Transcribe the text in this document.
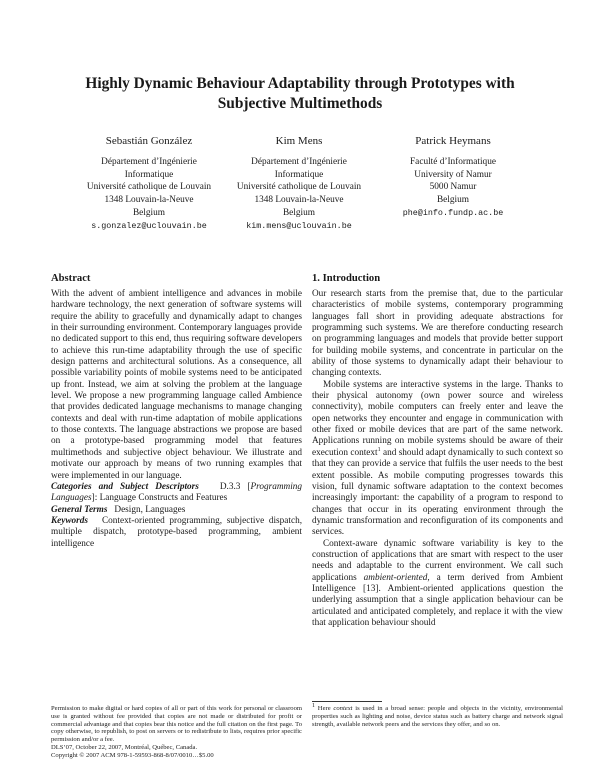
Highly Dynamic Behaviour Adaptability through Prototypes with
Subjective Multimethods
Sebastián González
Département d’Ingénierie
Informatique
Université catholique de Louvain
1348 Louvain-la-Neuve
Belgium
s.gonzalez@uclouvain.be
Kim Mens
Département d’Ingénierie
Informatique
Université catholique de Louvain
1348 Louvain-la-Neuve
Belgium
kim.mens@uclouvain.be
Patrick Heymans
Faculté d’Informatique
University of Namur
5000 Namur
Belgium
phe@info.fundp.ac.be
Abstract

With the advent of ambient intelligence and advances in mobile hardware technology, the next generation of software systems will require the ability to gracefully and dynamically adapt to changes in their surrounding environment. Contemporary languages provide no dedicated support to this end, thus requiring software developers to achieve this run-time adaptability through the use of specific design patterns and architectural solutions. As a consequence, all possible variability points of mobile systems need to be anticipated up front. Instead, we aim at solving the problem at the language level. We propose a new programming language called Ambience that provides dedicated language mechanisms to manage changing contexts and deal with run-time adaptation of mobile applications to those contexts. The language abstractions we propose are based on a prototype-based programming model that features multimethods and subjective object behaviour. We illustrate and motivate our approach by means of two running examples that were implemented in our language.

Categories and Subject Descriptors D.3.3 [Programming Languages]: Language Constructs and Features

General Terms Design, Languages

Keywords Context-oriented programming, subjective dispatch, multiple dispatch, prototype-based programming, ambient intelligence

Permission to make digital or hard copies of all or part of this work for personal or classroom use is granted without fee provided that copies are not made or distributed for profit or commercial advantage and that copies bear this notice and the full citation on the first page. To copy otherwise, to republish, to post on servers or to redistribute to lists, requires prior specific permission and/or a fee.
DLS’07, October 22, 2007, Montréal, Québec, Canada.
Copyright © 2007 ACM 978-1-59593-868-8/07/0010…$5.00
1. Introduction

Our research starts from the premise that, due to the particular characteristics of mobile systems, contemporary programming languages fall short in providing adequate abstractions for programming such systems. We are therefore conducting research on programming languages and models that provide better support for building mobile systems, and concentrate in particular on the ability of those systems to dynamically adapt their behaviour to changing contexts.

Mobile systems are interactive systems in the large. Thanks to their physical autonomy (own power source and wireless connectivity), mobile computers can freely enter and leave the open networks they encounter and engage in communication with other fixed or mobile devices that are part of the same network. Applications running on mobile systems should be aware of their execution context$^1$ and should adapt dynamically to such context so that they can provide a service that fulfils the user needs to the best extent possible. As mobile computing progresses towards this vision, full dynamic software adaptation to the context becomes increasingly important: the capability of a program to respond to changes that occur in its operating environment through the dynamic transformation and reconfiguration of its components and services.

Context-aware dynamic software variability is key to the construction of applications that are smart with respect to the user needs and adaptable to the current environment. We call such applications ambient-oriented, a term derived from Ambient Intelligence [13]. Ambient-oriented applications question the underlying assumption that a single application behaviour can be articulated and anticipated completely, and replace it with the view that application behaviour should

$^1$ Here context is used in a broad sense: people and objects in the vicinity, environmental properties such as lighting and noise, device status such as battery charge and network signal strength, available network peers and the services they offer, and so on.
